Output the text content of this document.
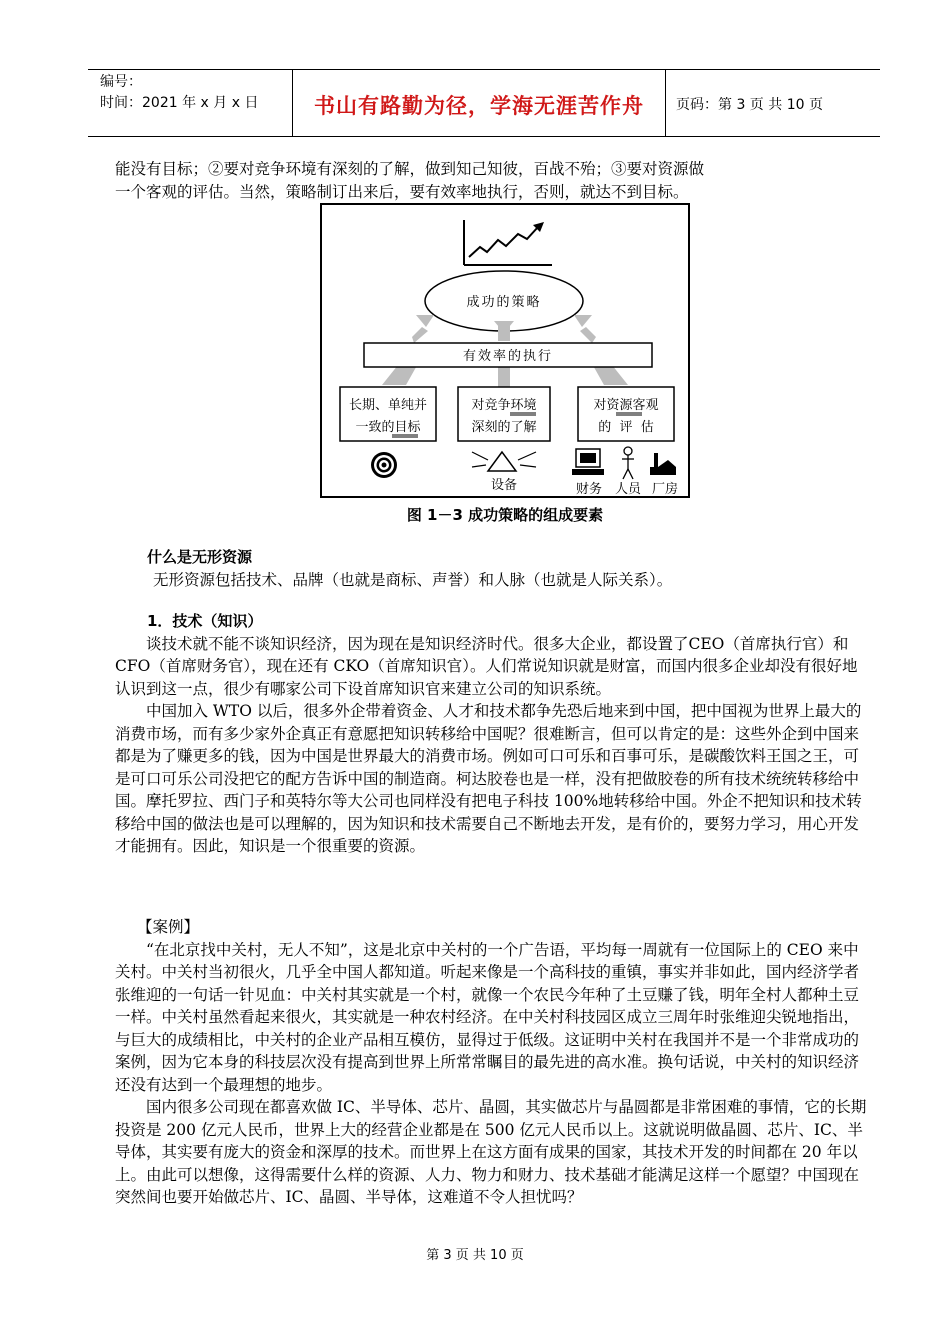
编号：
时间：2021 年 x 月 x 日	书山有路勤为径，学海无涯苦作舟	页码：第 3 页 共 10 页

能没有目标；②要对竞争环境有深刻的了解，做到知己知彼，百战不殆；③要对资源做

一个客观的评估。当然，策略制订出来后，要有效率地执行，否则，就达不到目标。

成功的策略
有效率的执行
长期、单纯并
一致的目标
对竞争环境
深刻的了解
对资源客观
的  评  估
设备	财务 人员 厂房
图 1－3 成功策略的组成要素

什么是无形资源

无形资源包括技术、品牌（也就是商标、声誉）和人脉（也就是人际关系）。

1．技术（知识）

谈技术就不能不谈知识经济，因为现在是知识经济时代。很多大企业，都设置了CEO（首席执行官）和 CFO（首席财务官），现在还有 CKO（首席知识官）。人们常说知识就是财富，而国内很多企业却没有很好地认识到这一点，很少有哪家公司下设首席知识官来建立公司的知识系统。

中国加入 WTO 以后，很多外企带着资金、人才和技术都争先恐后地来到中国，把中国视为世界上最大的消费市场，而有多少家外企真正有意愿把知识转移给中国呢？很难断言，但可以肯定的是：这些外企到中国来都是为了赚更多的钱，因为中国是世界最大的消费市场。例如可口可乐和百事可乐，是碳酸饮料王国之王，可是可口可乐公司没把它的配方告诉中国的制造商。柯达胶卷也是一样，没有把做胶卷的所有技术统统转移给中国。摩托罗拉、西门子和英特尔等大公司也同样没有把电子科技 100%地转移给中国。外企不把知识和技术转移给中国的做法也是可以理解的，因为知识和技术需要自己不断地去开发，是有价的，要努力学习，用心开发才能拥有。因此，知识是一个很重要的资源。

【案例】

“在北京找中关村，无人不知”，这是北京中关村的一个广告语，平均每一周就有一位国际上的 CEO 来中关村。中关村当初很火，几乎全中国人都知道。听起来像是一个高科技的重镇，事实并非如此，国内经济学者张维迎的一句话一针见血：中关村其实就是一个村，就像一个农民今年种了土豆赚了钱，明年全村人都种土豆一样。中关村虽然看起来很火，其实就是一种农村经济。在中关村科技园区成立三周年时张维迎尖锐地指出，与巨大的成绩相比，中关村的企业产品相互模仿，显得过于低级。这证明中关村在我国并不是一个非常成功的案例，因为它本身的科技层次没有提高到世界上所常常瞩目的最先进的高水准。换句话说，中关村的知识经济还没有达到一个最理想的地步。

国内很多公司现在都喜欢做 IC、半导体、芯片、晶圆，其实做芯片与晶圆都是非常困难的事情，它的长期投资是 200 亿元人民币，世界上大的经营企业都是在 500 亿元人民币以上。这就说明做晶圆、芯片、IC、半导体，其实要有庞大的资金和深厚的技术。而世界上在这方面有成果的国家，其技术开发的时间都在 20 年以上。由此可以想像，这得需要什么样的资源、人力、物力和财力、技术基础才能满足这样一个愿望？中国现在突然间也要开始做芯片、IC、晶圆、半导体，这难道不令人担忧吗？

第 3 页 共 10 页
